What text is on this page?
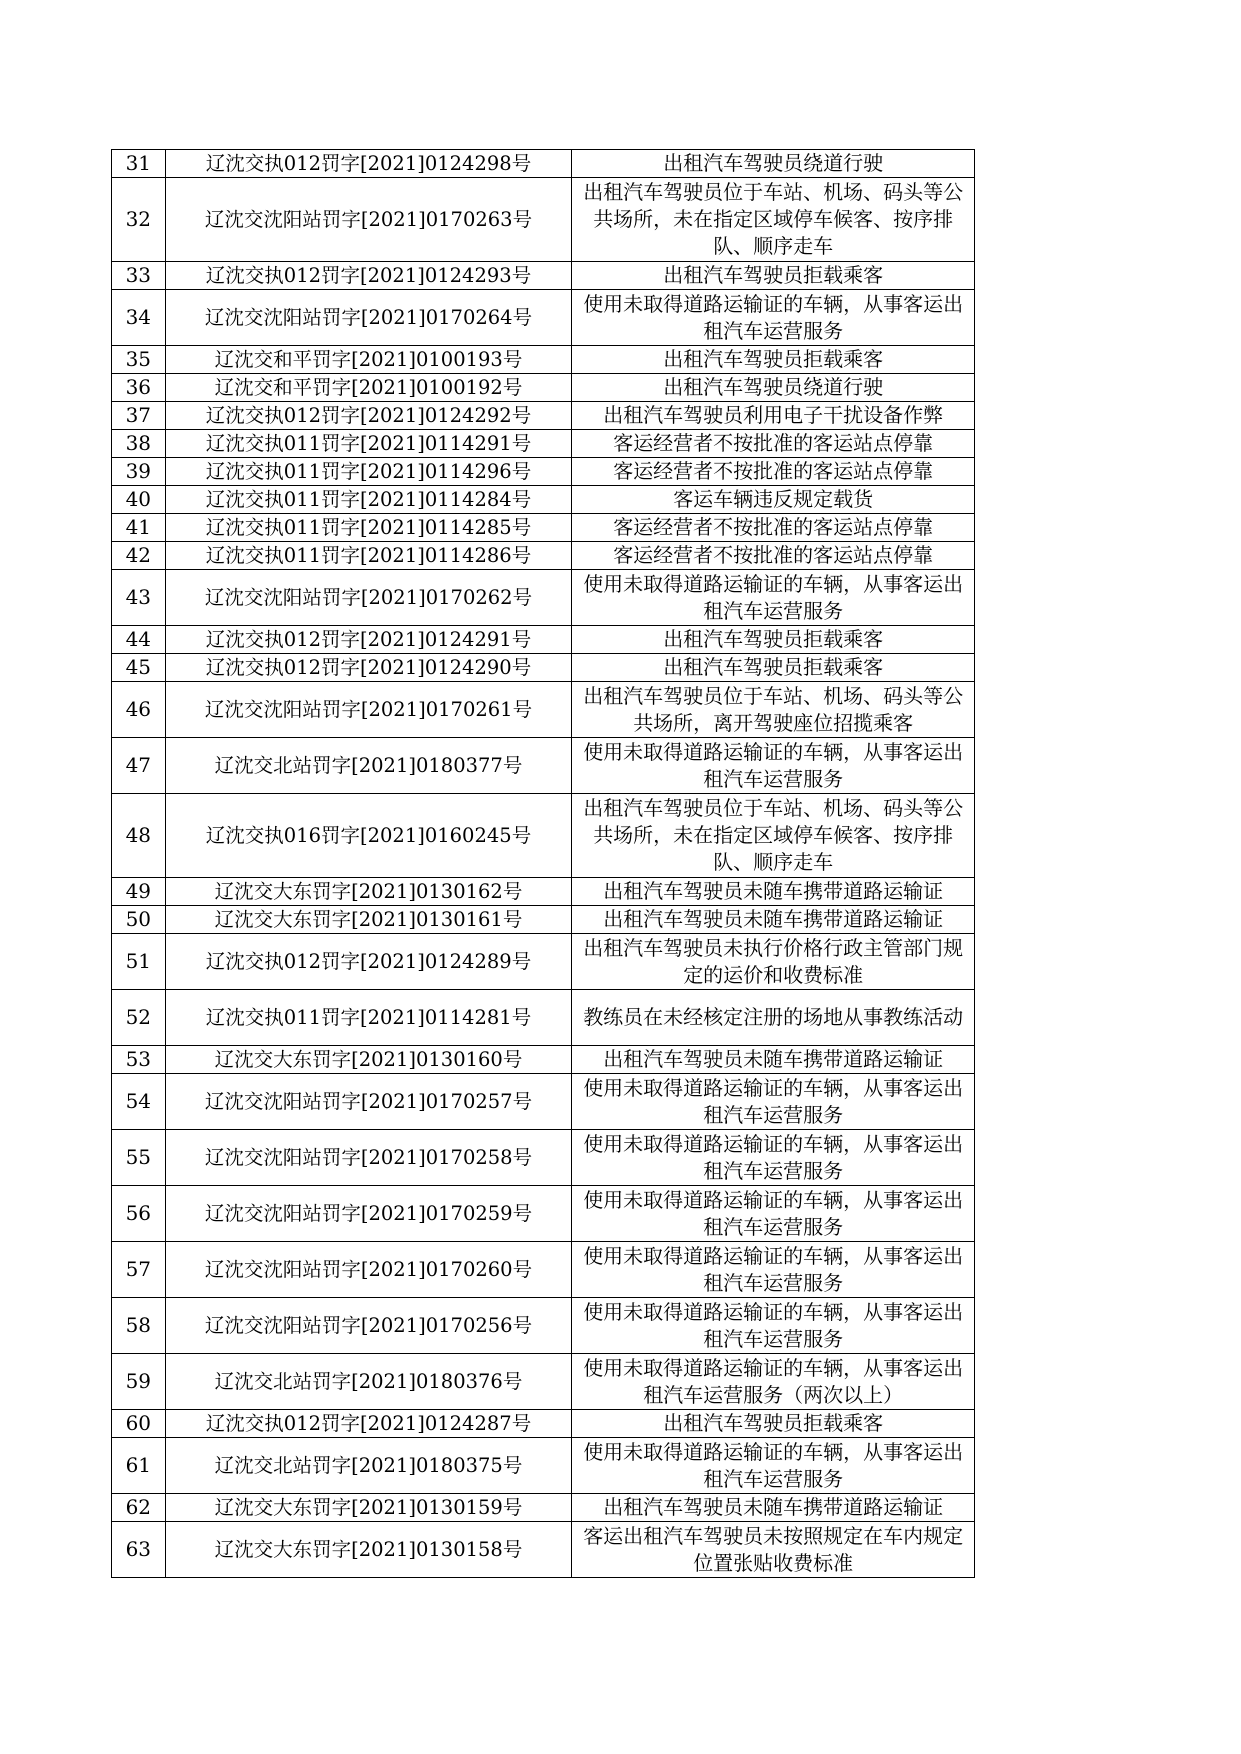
31	辽沈交执012罚字[2021]0124298号	出租汽车驾驶员绕道行驶
32	辽沈交沈阳站罚字[2021]0170263号	出租汽车驾驶员位于车站、机场、码头等公共场所，未在指定区域停车候客、按序排队、顺序走车
33	辽沈交执012罚字[2021]0124293号	出租汽车驾驶员拒载乘客
34	辽沈交沈阳站罚字[2021]0170264号	使用未取得道路运输证的车辆，从事客运出租汽车运营服务
35	辽沈交和平罚字[2021]0100193号	出租汽车驾驶员拒载乘客
36	辽沈交和平罚字[2021]0100192号	出租汽车驾驶员绕道行驶
37	辽沈交执012罚字[2021]0124292号	出租汽车驾驶员利用电子干扰设备作弊
38	辽沈交执011罚字[2021]0114291号	客运经营者不按批准的客运站点停靠
39	辽沈交执011罚字[2021]0114296号	客运经营者不按批准的客运站点停靠
40	辽沈交执011罚字[2021]0114284号	客运车辆违反规定载货
41	辽沈交执011罚字[2021]0114285号	客运经营者不按批准的客运站点停靠
42	辽沈交执011罚字[2021]0114286号	客运经营者不按批准的客运站点停靠
43	辽沈交沈阳站罚字[2021]0170262号	使用未取得道路运输证的车辆，从事客运出租汽车运营服务
44	辽沈交执012罚字[2021]0124291号	出租汽车驾驶员拒载乘客
45	辽沈交执012罚字[2021]0124290号	出租汽车驾驶员拒载乘客
46	辽沈交沈阳站罚字[2021]0170261号	出租汽车驾驶员位于车站、机场、码头等公共场所，离开驾驶座位招揽乘客
47	辽沈交北站罚字[2021]0180377号	使用未取得道路运输证的车辆，从事客运出租汽车运营服务
48	辽沈交执016罚字[2021]0160245号	出租汽车驾驶员位于车站、机场、码头等公共场所，未在指定区域停车候客、按序排队、顺序走车
49	辽沈交大东罚字[2021]0130162号	出租汽车驾驶员未随车携带道路运输证
50	辽沈交大东罚字[2021]0130161号	出租汽车驾驶员未随车携带道路运输证
51	辽沈交执012罚字[2021]0124289号	出租汽车驾驶员未执行价格行政主管部门规定的运价和收费标准
52	辽沈交执011罚字[2021]0114281号	教练员在未经核定注册的场地从事教练活动
53	辽沈交大东罚字[2021]0130160号	出租汽车驾驶员未随车携带道路运输证
54	辽沈交沈阳站罚字[2021]0170257号	使用未取得道路运输证的车辆，从事客运出租汽车运营服务
55	辽沈交沈阳站罚字[2021]0170258号	使用未取得道路运输证的车辆，从事客运出租汽车运营服务
56	辽沈交沈阳站罚字[2021]0170259号	使用未取得道路运输证的车辆，从事客运出租汽车运营服务
57	辽沈交沈阳站罚字[2021]0170260号	使用未取得道路运输证的车辆，从事客运出租汽车运营服务
58	辽沈交沈阳站罚字[2021]0170256号	使用未取得道路运输证的车辆，从事客运出租汽车运营服务
59	辽沈交北站罚字[2021]0180376号	使用未取得道路运输证的车辆，从事客运出租汽车运营服务（两次以上）
60	辽沈交执012罚字[2021]0124287号	出租汽车驾驶员拒载乘客
61	辽沈交北站罚字[2021]0180375号	使用未取得道路运输证的车辆，从事客运出租汽车运营服务
62	辽沈交大东罚字[2021]0130159号	出租汽车驾驶员未随车携带道路运输证
63	辽沈交大东罚字[2021]0130158号	客运出租汽车驾驶员未按照规定在车内规定位置张贴收费标准
